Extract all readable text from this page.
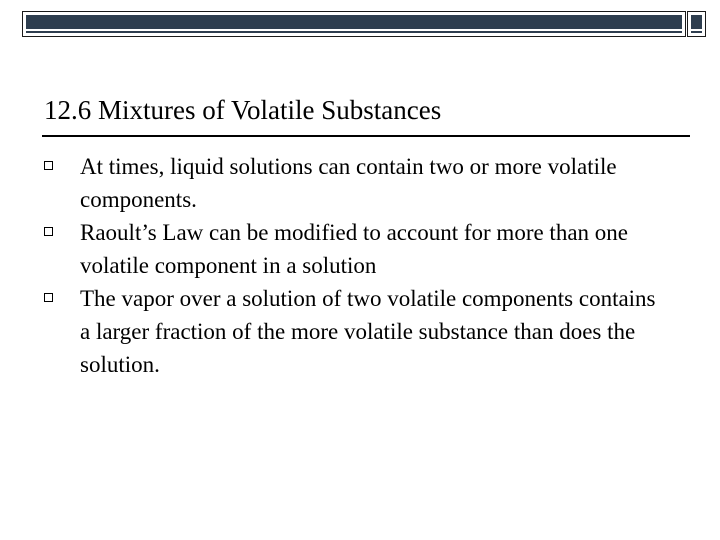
12.6 Mixtures of Volatile Substances
At times, liquid solutions can contain two or more volatile components.
Raoult’s Law can be modified to account for more than one volatile component in a solution
The vapor over a solution of two volatile components contains a larger fraction of the more volatile substance than does the solution.
